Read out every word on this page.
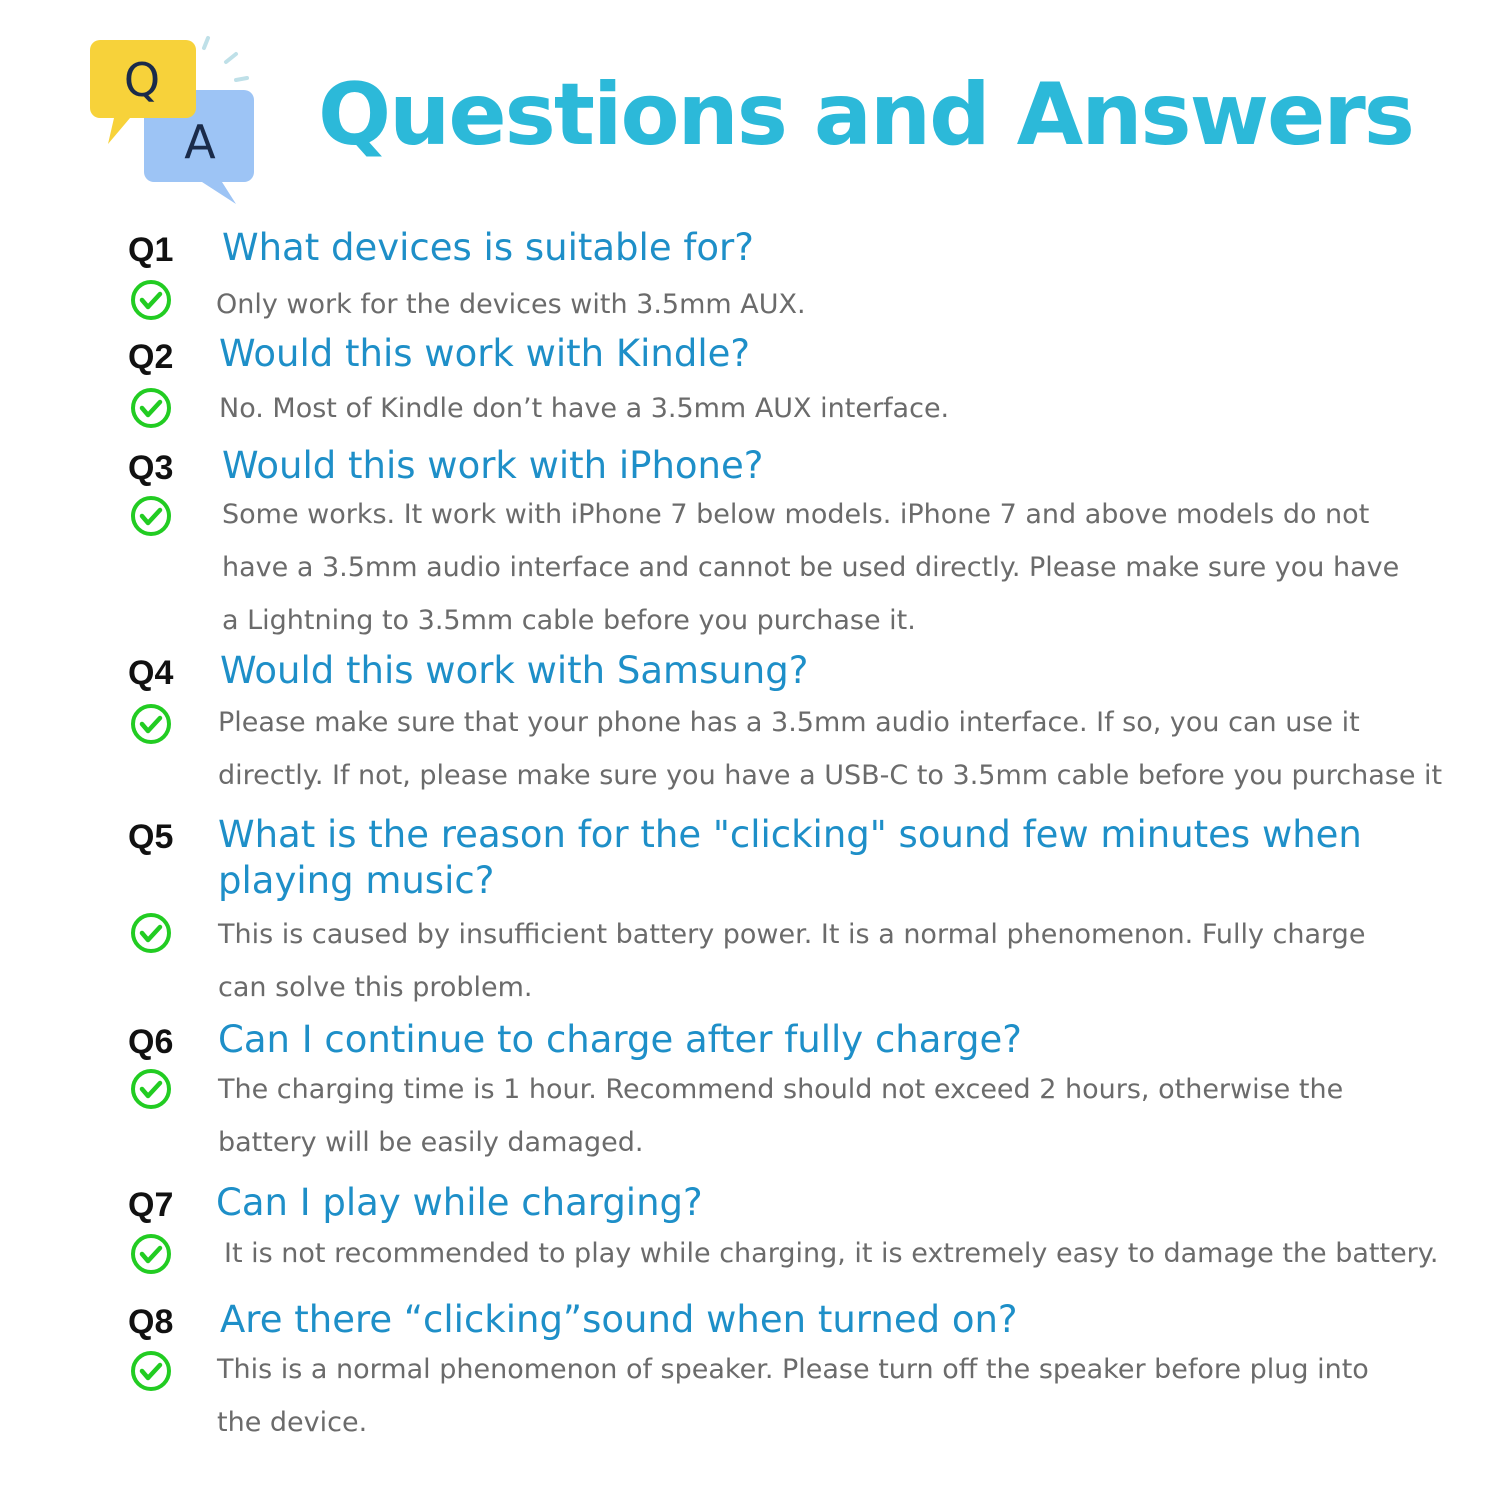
Q
A Questions and Answers
Q1 What devices is suitable for?
Only work for the devices with 3.5mm AUX.
Q2 Would this work with Kindle?
No. Most of Kindle don’t have a 3.5mm AUX interface.
Q3 Would this work with iPhone?
Some works. It work with iPhone 7 below models. iPhone 7 and above models do not
have a 3.5mm audio interface and cannot be used directly. Please make sure you have
a Lightning to 3.5mm cable before you purchase it.
Q4 Would this work with Samsung?
Please make sure that your phone has a 3.5mm audio interface. If so, you can use it
directly. If not, please make sure you have a USB-C to 3.5mm cable before you purchase it
Q5 What is the reason for the "clicking" sound few minutes when
playing music?
This is caused by insufficient battery power. It is a normal phenomenon. Fully charge
can solve this problem.
Q6 Can I continue to charge after fully charge?
The charging time is 1 hour. Recommend should not exceed 2 hours, otherwise the
battery will be easily damaged.
Q7 Can I play while charging?
It is not recommended to play while charging, it is extremely easy to damage the battery.
Q8 Are there “clicking”sound when turned on?
This is a normal phenomenon of speaker. Please turn off the speaker before plug into
the device.
